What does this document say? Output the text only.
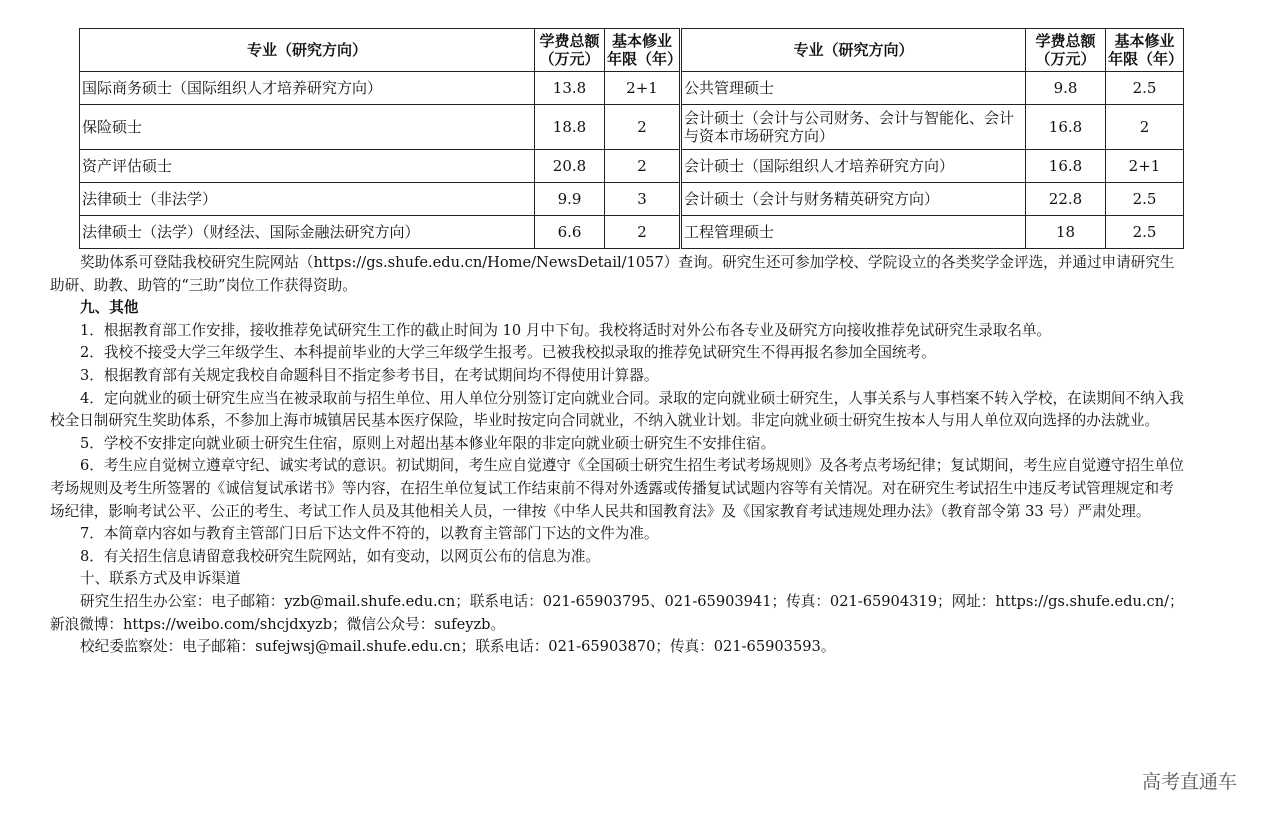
专业（研究方向）	学费总额（万元）	基本修业年限（年）	专业（研究方向）	学费总额（万元）	基本修业年限（年）
国际商务硕士（国际组织人才培养研究方向）	13.8	2+1	公共管理硕士	9.8	2.5
保险硕士	18.8	2	会计硕士（会计与公司财务、会计与智能化、会计与资本市场研究方向）	16.8	2
资产评估硕士	20.8	2	会计硕士（国际组织人才培养研究方向）	16.8	2+1
法律硕士（非法学）	9.9	3	会计硕士（会计与财务精英研究方向）	22.8	2.5
法律硕士（法学）（财经法、国际金融法研究方向）	6.6	2	工程管理硕士	18	2.5

奖助体系可登陆我校研究生院网站（https://gs.shufe.edu.cn/Home/NewsDetail/1057）查询。研究生还可参加学校、学院设立的各类奖学金评选，并通过申请研究生助研、助教、助管的“三助”岗位工作获得资助。

九、其他

1．根据教育部工作安排，接收推荐免试研究生工作的截止时间为 10 月中下旬。我校将适时对外公布各专业及研究方向接收推荐免试研究生录取名单。

2．我校不接受大学三年级学生、本科提前毕业的大学三年级学生报考。已被我校拟录取的推荐免试研究生不得再报名参加全国统考。

3．根据教育部有关规定我校自命题科目不指定参考书目，在考试期间均不得使用计算器。

4．定向就业的硕士研究生应当在被录取前与招生单位、用人单位分别签订定向就业合同。录取的定向就业硕士研究生，人事关系与人事档案不转入学校，在读期间不纳入我校全日制研究生奖助体系，不参加上海市城镇居民基本医疗保险，毕业时按定向合同就业，不纳入就业计划。非定向就业硕士研究生按本人与用人单位双向选择的办法就业。

5．学校不安排定向就业硕士研究生住宿，原则上对超出基本修业年限的非定向就业硕士研究生不安排住宿。

6．考生应自觉树立遵章守纪、诚实考试的意识。初试期间，考生应自觉遵守《全国硕士研究生招生考试考场规则》及各考点考场纪律；复试期间，考生应自觉遵守招生单位考场规则及考生所签署的《诚信复试承诺书》等内容，在招生单位复试工作结束前不得对外透露或传播复试试题内容等有关情况。对在研究生考试招生中违反考试管理规定和考场纪律，影响考试公平、公正的考生、考试工作人员及其他相关人员，一律按《中华人民共和国教育法》及《国家教育考试违规处理办法》（教育部令第 33 号）严肃处理。

7．本简章内容如与教育主管部门日后下达文件不符的，以教育主管部门下达的文件为准。

8．有关招生信息请留意我校研究生院网站，如有变动，以网页公布的信息为准。

十、联系方式及申诉渠道

研究生招生办公室：电子邮箱：yzb@mail.shufe.edu.cn；联系电话：021-65903795、021-65903941；传真：021-65904319；网址：https://gs.shufe.edu.cn/；新浪微博：https://weibo.com/shcjdxyzb；微信公众号：sufeyzb。

校纪委监察处：电子邮箱：sufejwsj@mail.shufe.edu.cn；联系电话：021-65903870；传真：021-65903593。

高考直通车
